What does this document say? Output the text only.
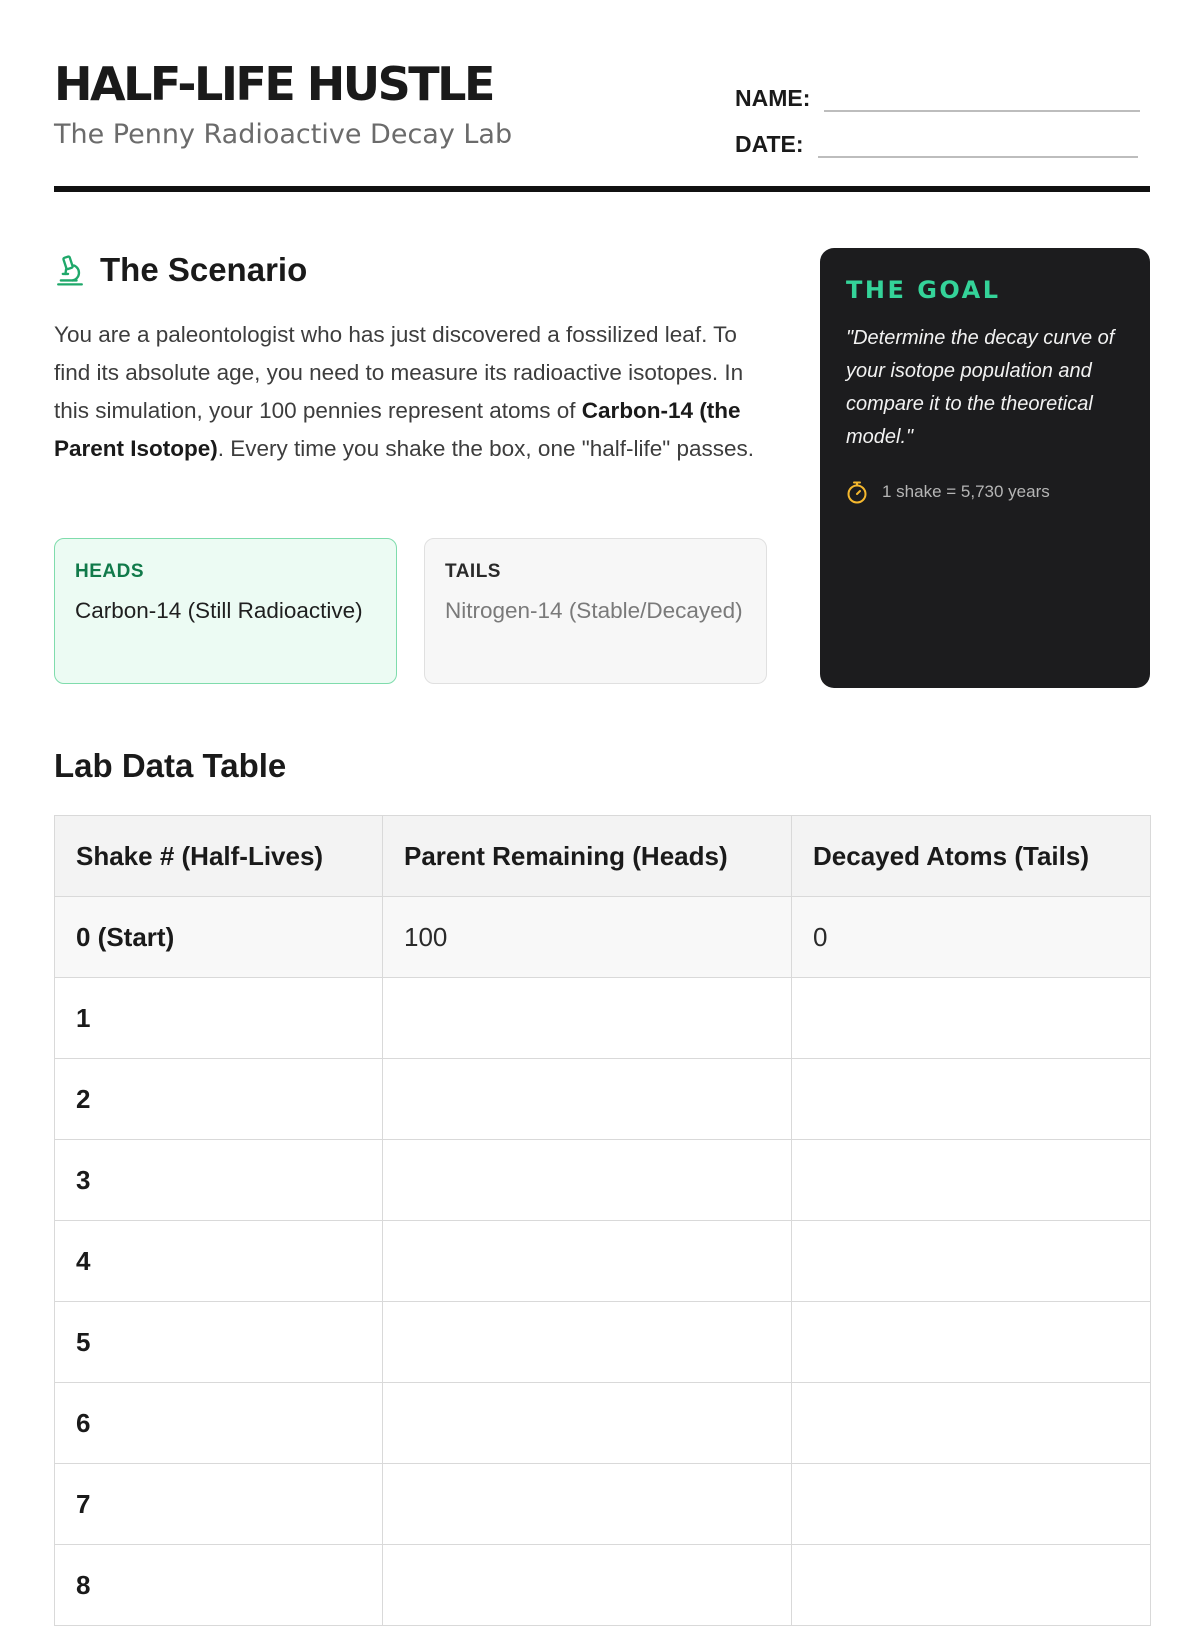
HALF-LIFE HUSTLE
The Penny Radioactive Decay Lab
NAME:
DATE:
The Scenario

You are a paleontologist who has just discovered a fossilized leaf. To find its absolute age, you need to measure its radioactive isotopes. In this simulation, your 100 pennies represent atoms of Carbon-14 (the Parent Isotope). Every time you shake the box, one "half-life" passes.

HEADS
Carbon-14 (Still Radioactive)
TAILS
Nitrogen-14 (Stable/Decayed)
THE GOAL
"Determine the decay curve of your isotope population and compare it to the theoretical model."
1 shake = 5,730 years
Lab Data Table
Shake # (Half-Lives)	Parent Remaining (Heads)	Decayed Atoms (Tails)
0 (Start)	100	0
1		
2		
3		
4		
5		
6		
7		
8		
